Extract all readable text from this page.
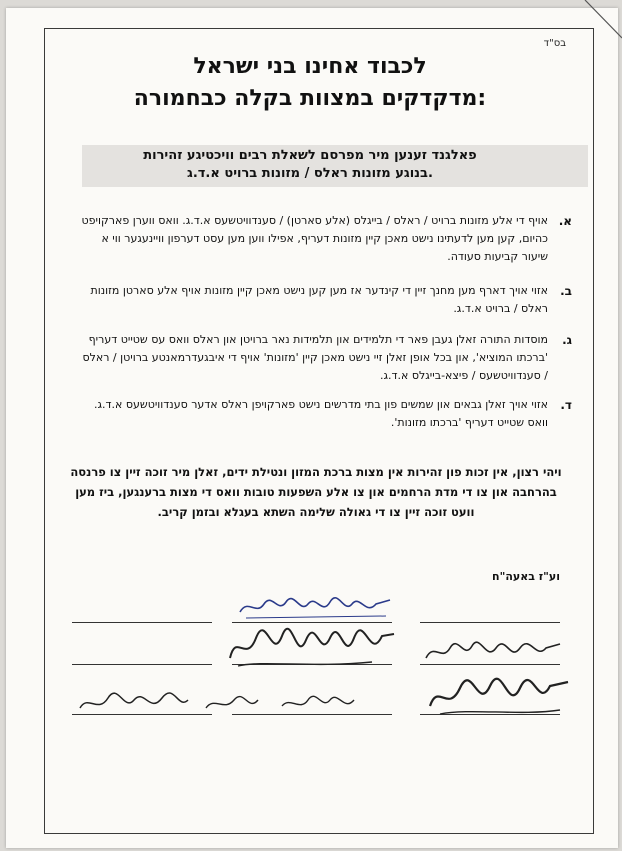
בס"ד
לכבוד אחינו בני ישראל
מדקדקים במצוות בקלה כבחמורה:
פאלגנד זענען מיר מפרסם לשאלת רבים וויכטיגע זהירות
בנוגע מזונות ראלס / מזונות ברויט א.ד.ג.
א.
אויף די אלע מזונות ברויט / ראלס / בייגלס (אלע סארטן) / סענדוויטשעס א.ד.ג. וואס ווערן פארקויפט כהיום, קען מען לדעתינו נישט מאכן קיין מזונות דעריף, אפילו ווען מען עסט דערפון וויינעגער ווי א שיעור קביעות סעודה.
ב.
אזוי אויך דארף מען מחנך זיין די קינדער אז מען קען נישט מאכן קיין מזונות אויף אלע סארטן מזונות ראלס / ברויט א.ד.ג.
ג.
מוסדות התורה זאלן געבן פאר די תלמידים און תלמידות נאר ברויטן און ראלס וואס עס שטייט דעריף 'ברכתו המוציא', און בכל אופן זאלן זיי נישט מאכן קיין 'מזונות' אויף די איבגעדרמאנטע ברויטן / ראלס / סענדוויטשעס / פיצא-בייגלס א.ד.ג.
ד.
אזוי אויך זאלן גבאים און שמשים פון בתי מדרשים נישט פארקויפן ראלס אדער סענדוויטשעס א.ד.ג. וואס שטייט דעריף 'ברכתו מזונות'.
ויהי רצון, אין זכות פון זהירות אין מצות ברכת המזון ונטילת ידים, זאלן מיר זוכה זיין צו פרנסה בהרחבה און צו די מדת הרחמים און צו אלע השפעות טובות וואס די מצות ברענגען, ביז מען וועט זוכה זיין צו די גאולה שלימה השתא בעגלא ובזמן קריב.
וע"ז באעה"ח
